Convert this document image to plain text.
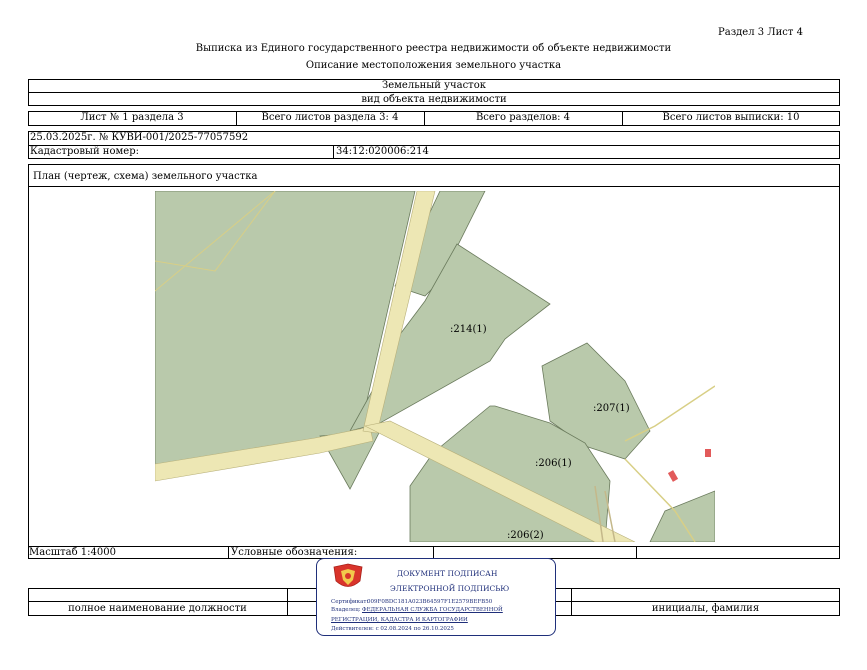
Раздел 3 Лист 4
Выписка из Единого государственного реестра недвижимости об объекте недвижимости
Описание местоположения земельного участка
Земельный участок
вид объекта недвижимости
Лист № 1 раздела 3	Всего листов раздела 3: 4	Всего разделов: 4	Всего листов выписки: 10
25.03.2025г. № КУВИ-001/2025-77057592
Кадастровый номер:	34:12:020006:214
План (чертеж, схема) земельного участка
:214(1)
:207(1)
:206(1)
:206(2)
Масштаб 1:4000	Условные обозначения:
полное наименование должности	инициалы, фамилия
ДОКУМЕНТ ПОДПИСАН
ЭЛЕКТРОННОЙ ПОДПИСЬЮ
Сертификат:
009F0BDC181A023B64597F1E2579BEFB50
Владелец: ФЕДЕРАЛЬНАЯ СЛУЖБА ГОСУДАРСТВЕННОЙ
РЕГИСТРАЦИИ, КАДАСТРА И КАРТОГРАФИИ
Действителен: с 02.08.2024 по 26.10.2025
